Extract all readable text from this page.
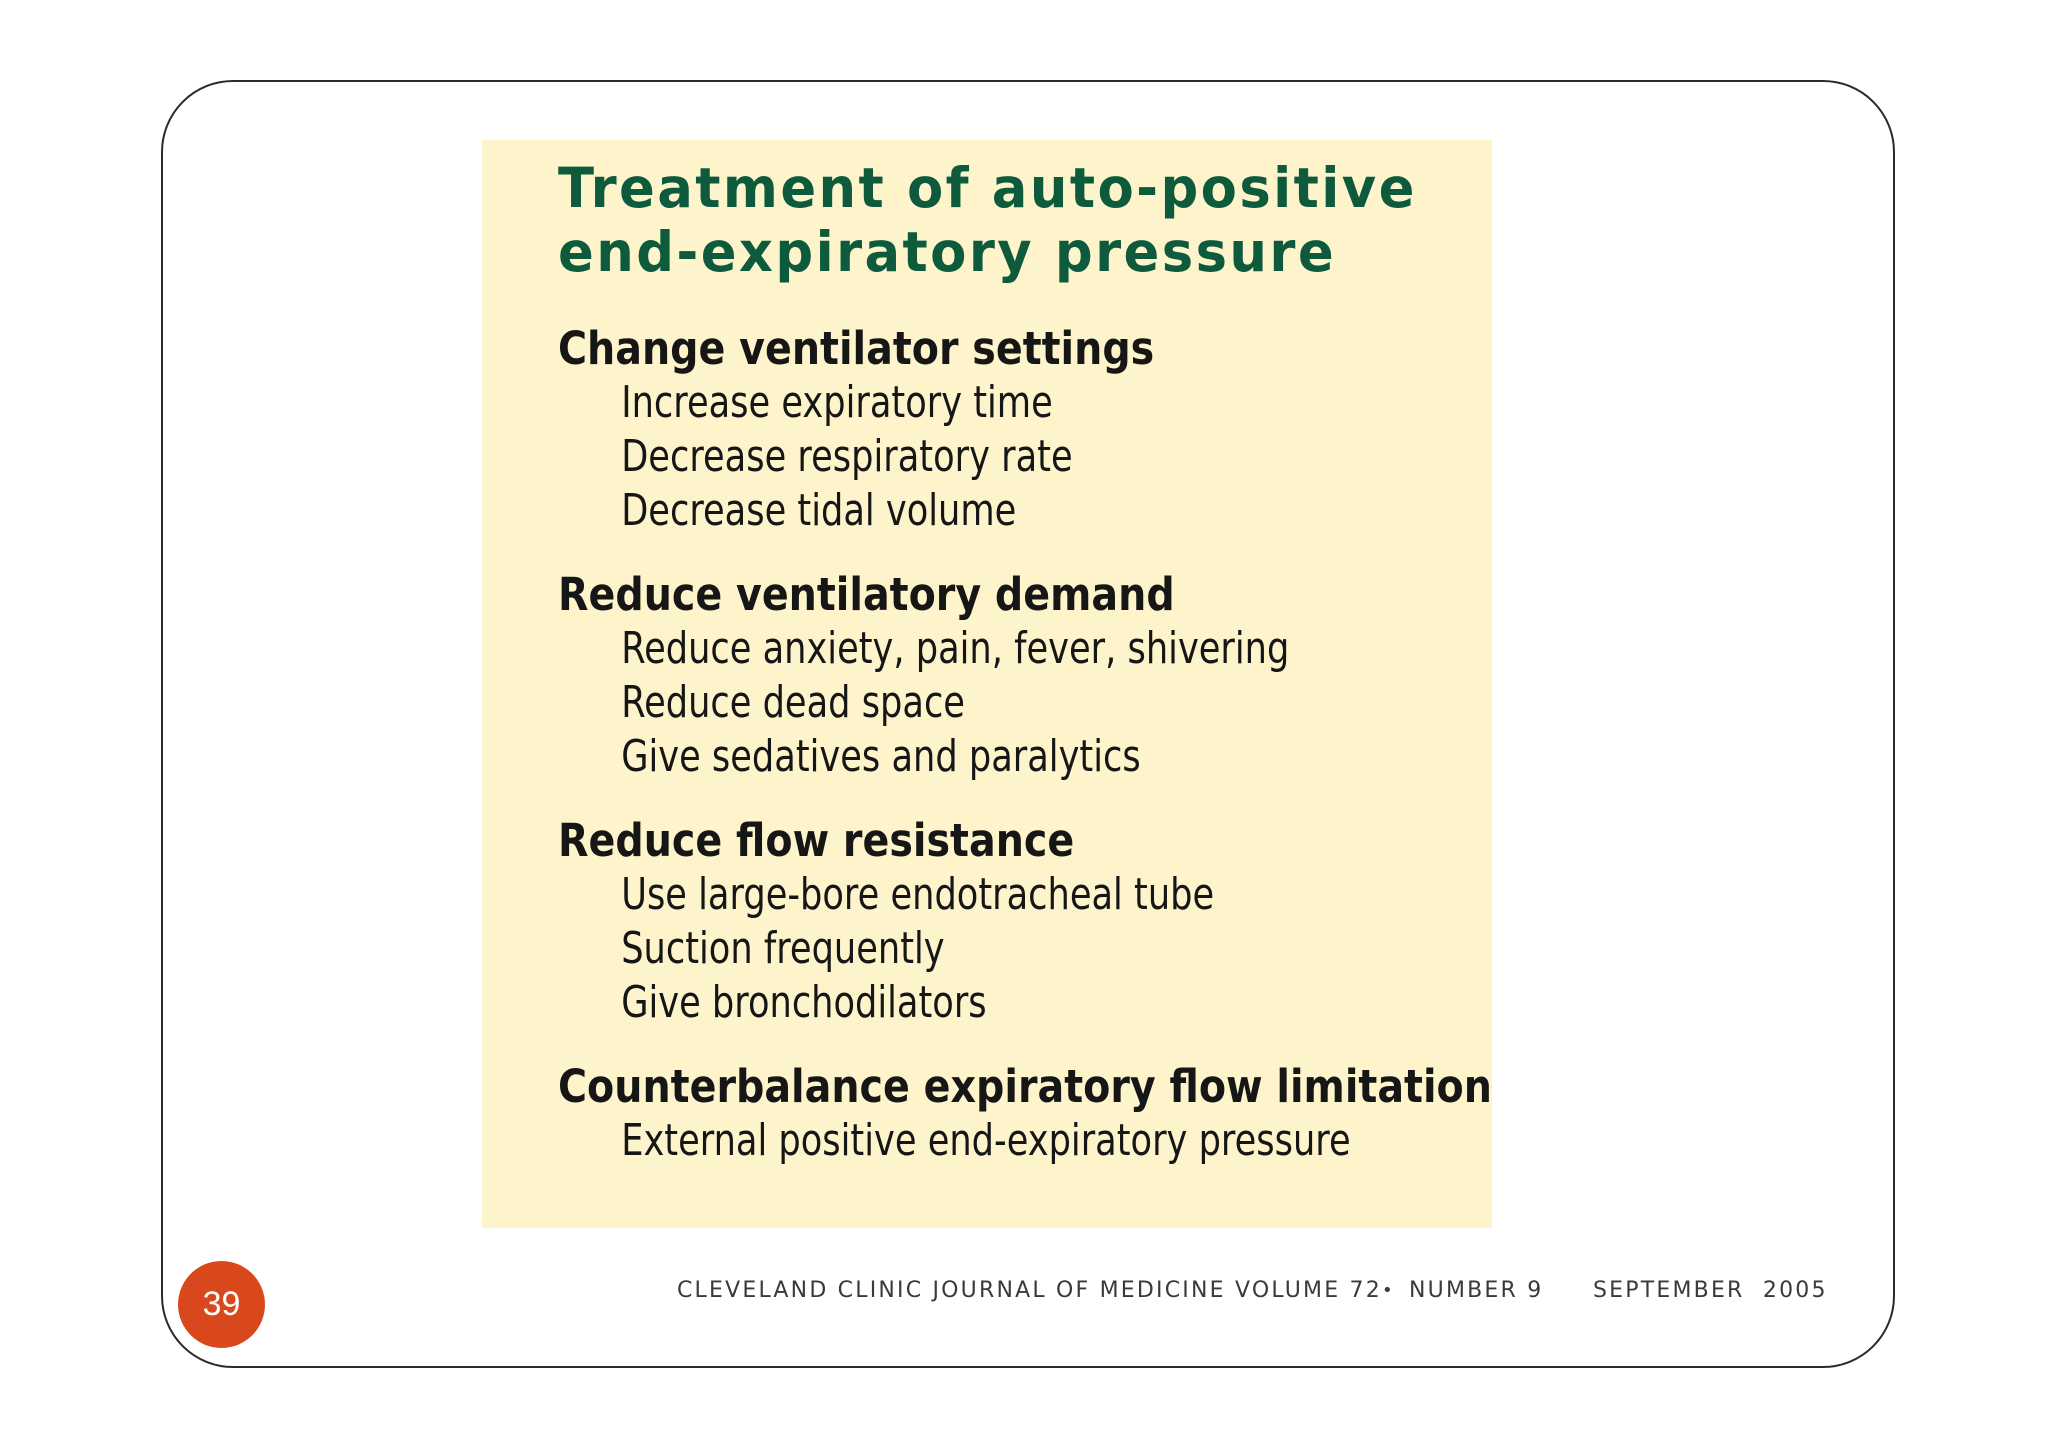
Treatment of auto-positive
end-expiratory pressure
Change ventilator settings
Increase expiratory time
Decrease respiratory rate
Decrease tidal volume
Reduce ventilatory demand
Reduce anxiety, pain, fever, shivering
Reduce dead space
Give sedatives and paralytics
Reduce flow resistance
Use large-bore endotracheal tube
Suction frequently
Give bronchodilators
Counterbalance expiratory flow limitation
External positive end-expiratory pressure
CLEVELAND CLINIC JOURNAL OF MEDICINE VOLUME 72 • NUMBER 9 SEPTEMBER  2005
39
